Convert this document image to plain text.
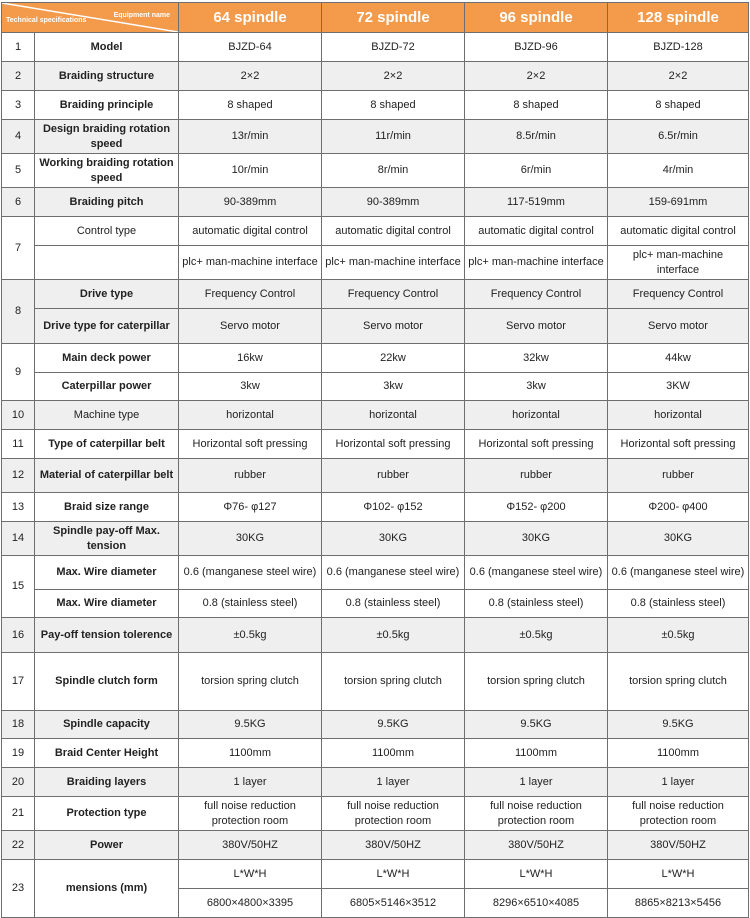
Equipment name
Technical specifications		64 spindle	72 spindle	96 spindle	128 spindle
1	Model	BJZD-64	BJZD-72	BJZD-96	BJZD-128
2	Braiding structure	2×2	2×2	2×2	2×2
3	Braiding principle	8 shaped	8 shaped	8 shaped	8 shaped
4	Design braiding rotation speed	13r/min	11r/min	8.5r/min	6.5r/min
5	Working braiding rotation speed	10r/min	8r/min	6r/min	4r/min
6	Braiding pitch	90-389mm	90-389mm	117-519mm	159-691mm
7	Control type	automatic digital control	automatic digital control	automatic digital control	automatic digital control
		plc+ man-machine interface	plc+ man-machine interface	plc+ man-machine interface	plc+ man-machine interface
8	Drive type	Frequency Control	Frequency Control	Frequency Control	Frequency Control
	Drive type for caterpillar	Servo motor	Servo motor	Servo motor	Servo motor
9	Main deck power	16kw	22kw	32kw	44kw
	Caterpillar power	3kw	3kw	3kw	3KW
10	Machine type	horizontal	horizontal	horizontal	horizontal
11	Type of caterpillar belt	Horizontal soft pressing	Horizontal soft pressing	Horizontal soft pressing	Horizontal soft pressing
12	Material of caterpillar belt	rubber	rubber	rubber	rubber
13	Braid size range	Φ76- φ127	Φ102- φ152	Φ152- φ200	Φ200- φ400
14	Spindle pay-off Max. tension	30KG	30KG	30KG	30KG
15	Max. Wire diameter	0.6 (manganese steel wire)	0.6 (manganese steel wire)	0.6 (manganese steel wire)	0.6 (manganese steel wire)
	Max. Wire diameter	0.8 (stainless steel)	0.8 (stainless steel)	0.8 (stainless steel)	0.8 (stainless steel)
16	Pay-off tension tolerence	±0.5kg	±0.5kg	±0.5kg	±0.5kg
17	Spindle clutch form	torsion spring clutch	torsion spring clutch	torsion spring clutch	torsion spring clutch
18	Spindle capacity	9.5KG	9.5KG	9.5KG	9.5KG
19	Braid Center Height	1100mm	1100mm	1100mm	1100mm
20	Braiding layers	1 layer	1 layer	1 layer	1 layer
21	Protection type	full noise reduction protection room	full noise reduction protection room	full noise reduction protection room	full noise reduction protection room
22	Power	380V/50HZ	380V/50HZ	380V/50HZ	380V/50HZ
23	mensions (mm)	L*W*H	L*W*H	L*W*H	L*W*H
		6800×4800×3395	6805×5146×3512	8296×6510×4085	8865×8213×5456
